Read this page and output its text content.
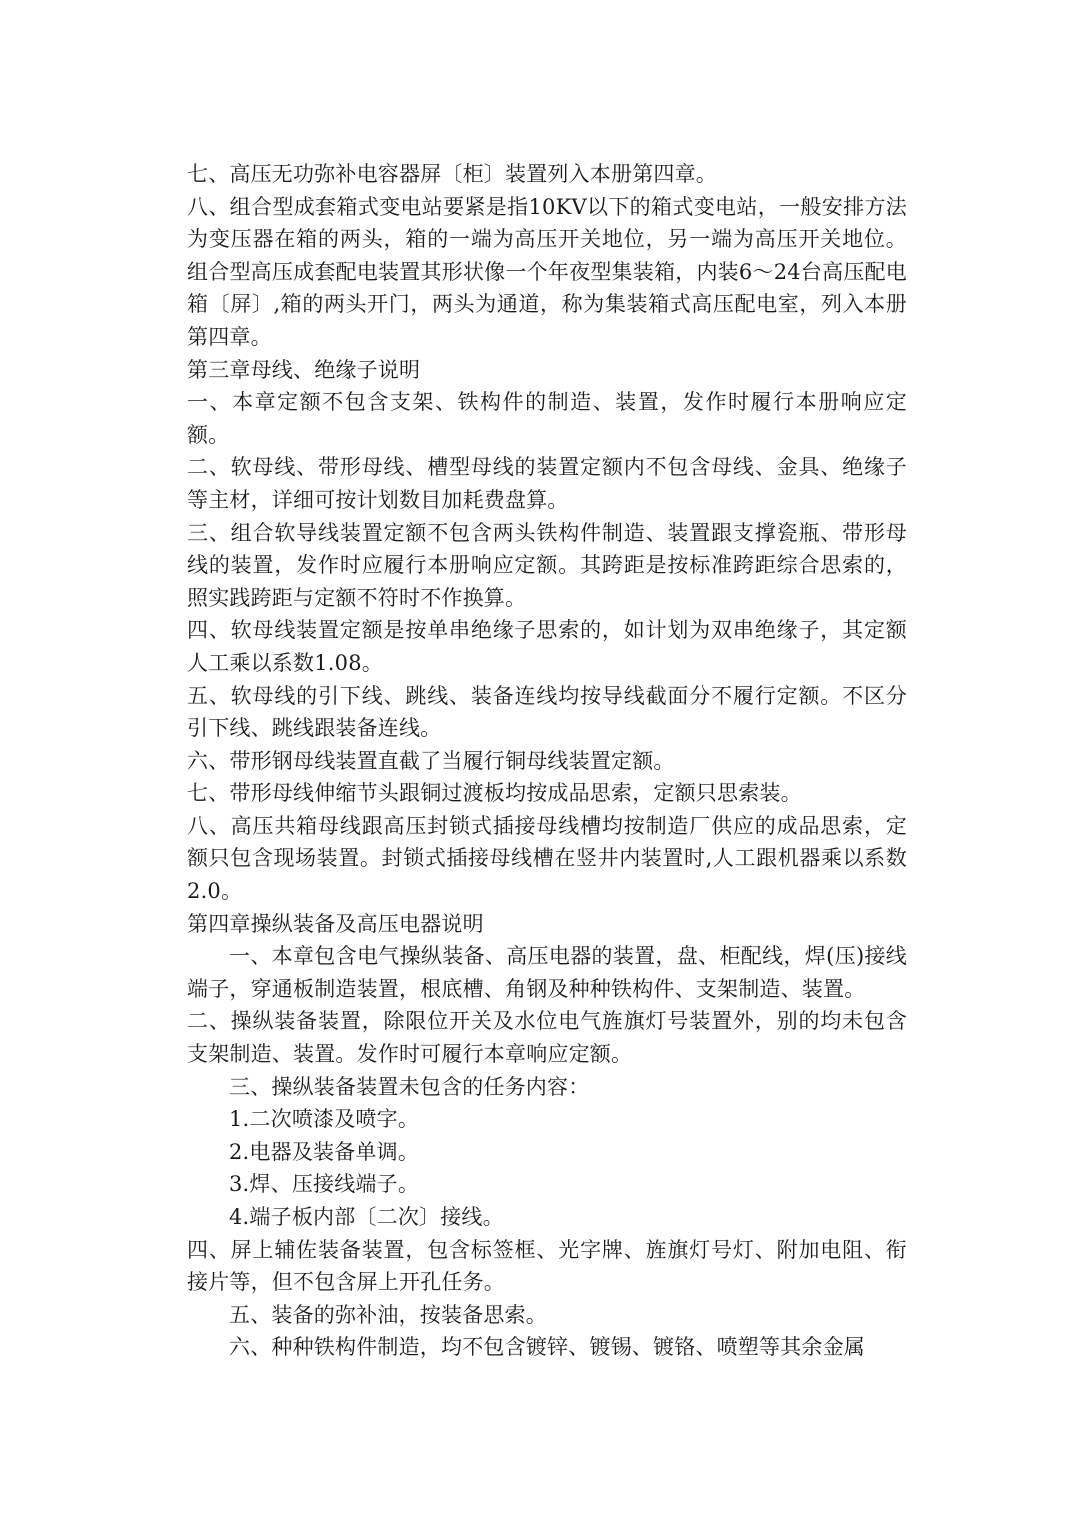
七、高压无功弥补电容器屏〔柜〕装置列入本册第四章。

八、组合型成套箱式变电站要紧是指10KV以下的箱式变电站，一般安排方法为变压器在箱的两头，箱的一端为高压开关地位，另一端为高压开关地位。组合型高压成套配电装置其形状像一个年夜型集装箱，内装6～24台高压配电箱〔屏〕,箱的两头开门，两头为通道，称为集装箱式高压配电室，列入本册第四章。

第三章母线、绝缘子说明

一、本章定额不包含支架、铁构件的制造、装置，发作时履行本册响应定额。

二、软母线、带形母线、槽型母线的装置定额内不包含母线、金具、绝缘子等主材，详细可按计划数目加耗费盘算。

三、组合软导线装置定额不包含两头铁构件制造、装置跟支撑瓷瓶、带形母线的装置，发作时应履行本册响应定额。其跨距是按标准跨距综合思索的，照实践跨距与定额不符时不作换算。

四、软母线装置定额是按单串绝缘子思索的，如计划为双串绝缘子，其定额人工乘以系数1.08。

五、软母线的引下线、跳线、装备连线均按导线截面分不履行定额。不区分引下线、跳线跟装备连线。

六、带形钢母线装置直截了当履行铜母线装置定额。

七、带形母线伸缩节头跟铜过渡板均按成品思索，定额只思索装。

八、高压共箱母线跟高压封锁式插接母线槽均按制造厂供应的成品思索，定额只包含现场装置。封锁式插接母线槽在竖井内装置时,人工跟机器乘以系数2.0。

第四章操纵装备及高压电器说明

一、本章包含电气操纵装备、高压电器的装置，盘、柜配线，焊(压)接线端子，穿通板制造装置，根底槽、角钢及种种铁构件、支架制造、装置。

二、操纵装备装置，除限位开关及水位电气旌旗灯号装置外，别的均未包含支架制造、装置。发作时可履行本章响应定额。

三、操纵装备装置未包含的任务内容：

1.二次喷漆及喷字。

2.电器及装备单调。

3.焊、压接线端子。

4.端子板内部〔二次〕接线。

四、屏上辅佐装备装置，包含标签框、光字牌、旌旗灯号灯、附加电阻、衔接片等，但不包含屏上开孔任务。

五、装备的弥补油，按装备思索。

六、种种铁构件制造，均不包含镀锌、镀锡、镀铬、喷塑等其余金属
